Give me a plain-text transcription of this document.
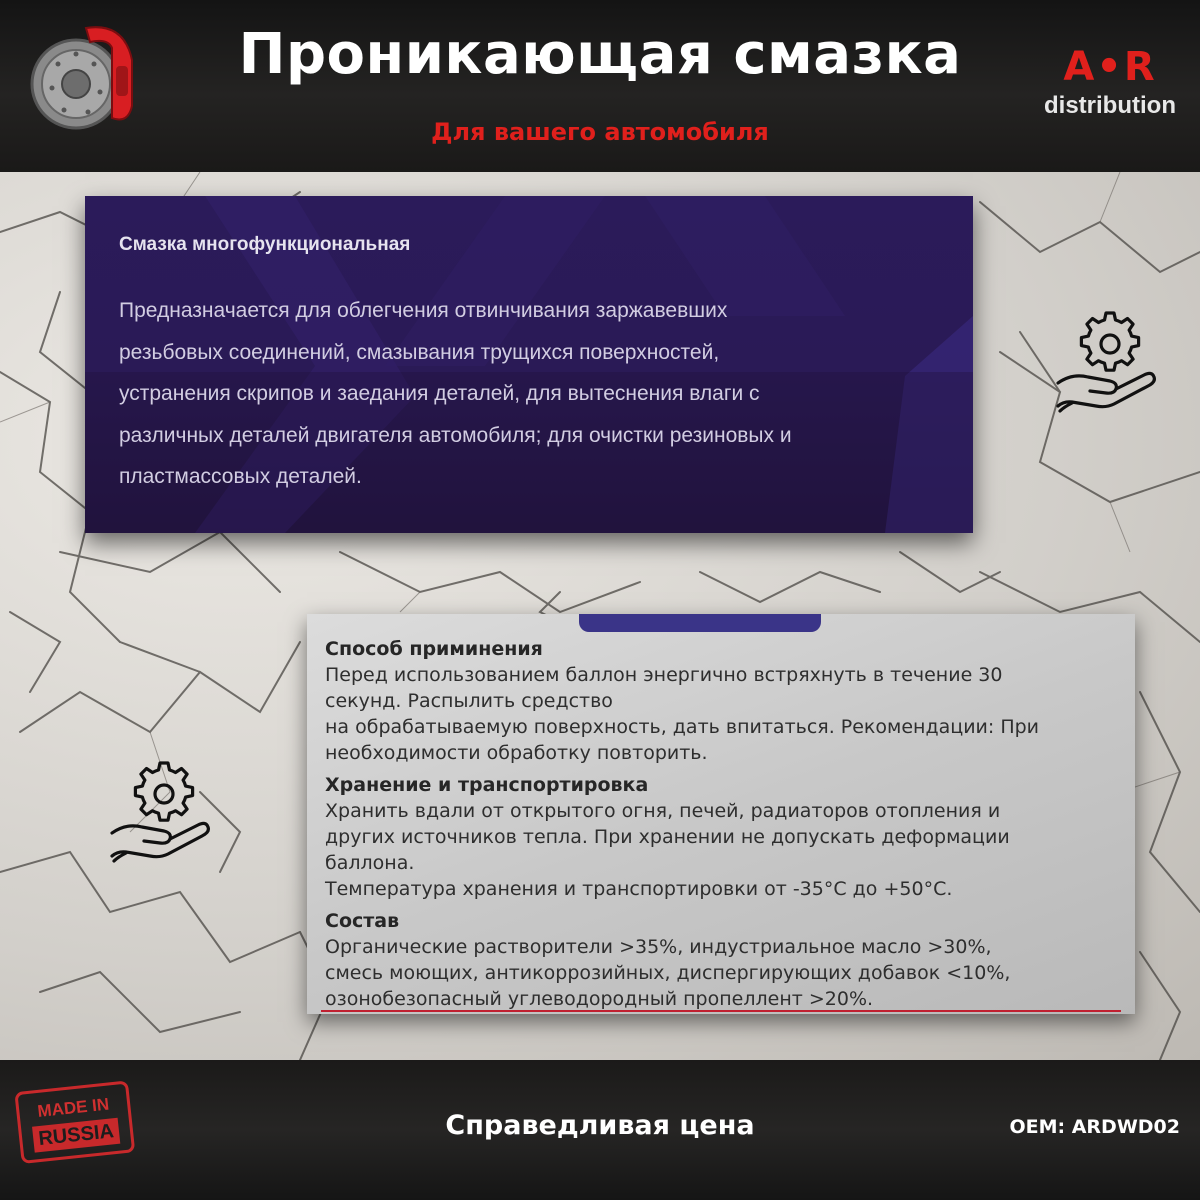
Проникающая смазка
Для вашего автомобиля
A•R
distribution
Смазка многофункциональная
Предназначается для облегчения отвинчивания заржавевших
резьбовых соединений, смазывания трущихся поверхностей,
устранения скрипов и заедания деталей, для вытеснения влаги с
различных деталей двигателя автомобиля; для очистки резиновых и
пластмассовых деталей.
Способ приминения
Перед использованием баллон энергично встряхнуть в течение 30
секунд. Распылить средство
на обрабатываемую поверхность, дать впитаться. Рекомендации: При
необходимости обработку повторить.
Хранение и транспортировка
Хранить вдали от открытого огня, печей, радиаторов отопления и
других источников тепла. При хранении не допускать деформации
баллона.
Температура хранения и транспортировки от -35°С до +50°С.
Состав
Органические растворители >35%, индустриальное масло >30%,
смесь моющих, антикоррозийных, диспергирующих добавок <10%,
озонобезопасный углеводородный пропеллент >20%.
MADE IN
RUSSIA	Справедливая цена	OEM: ARDWD02
